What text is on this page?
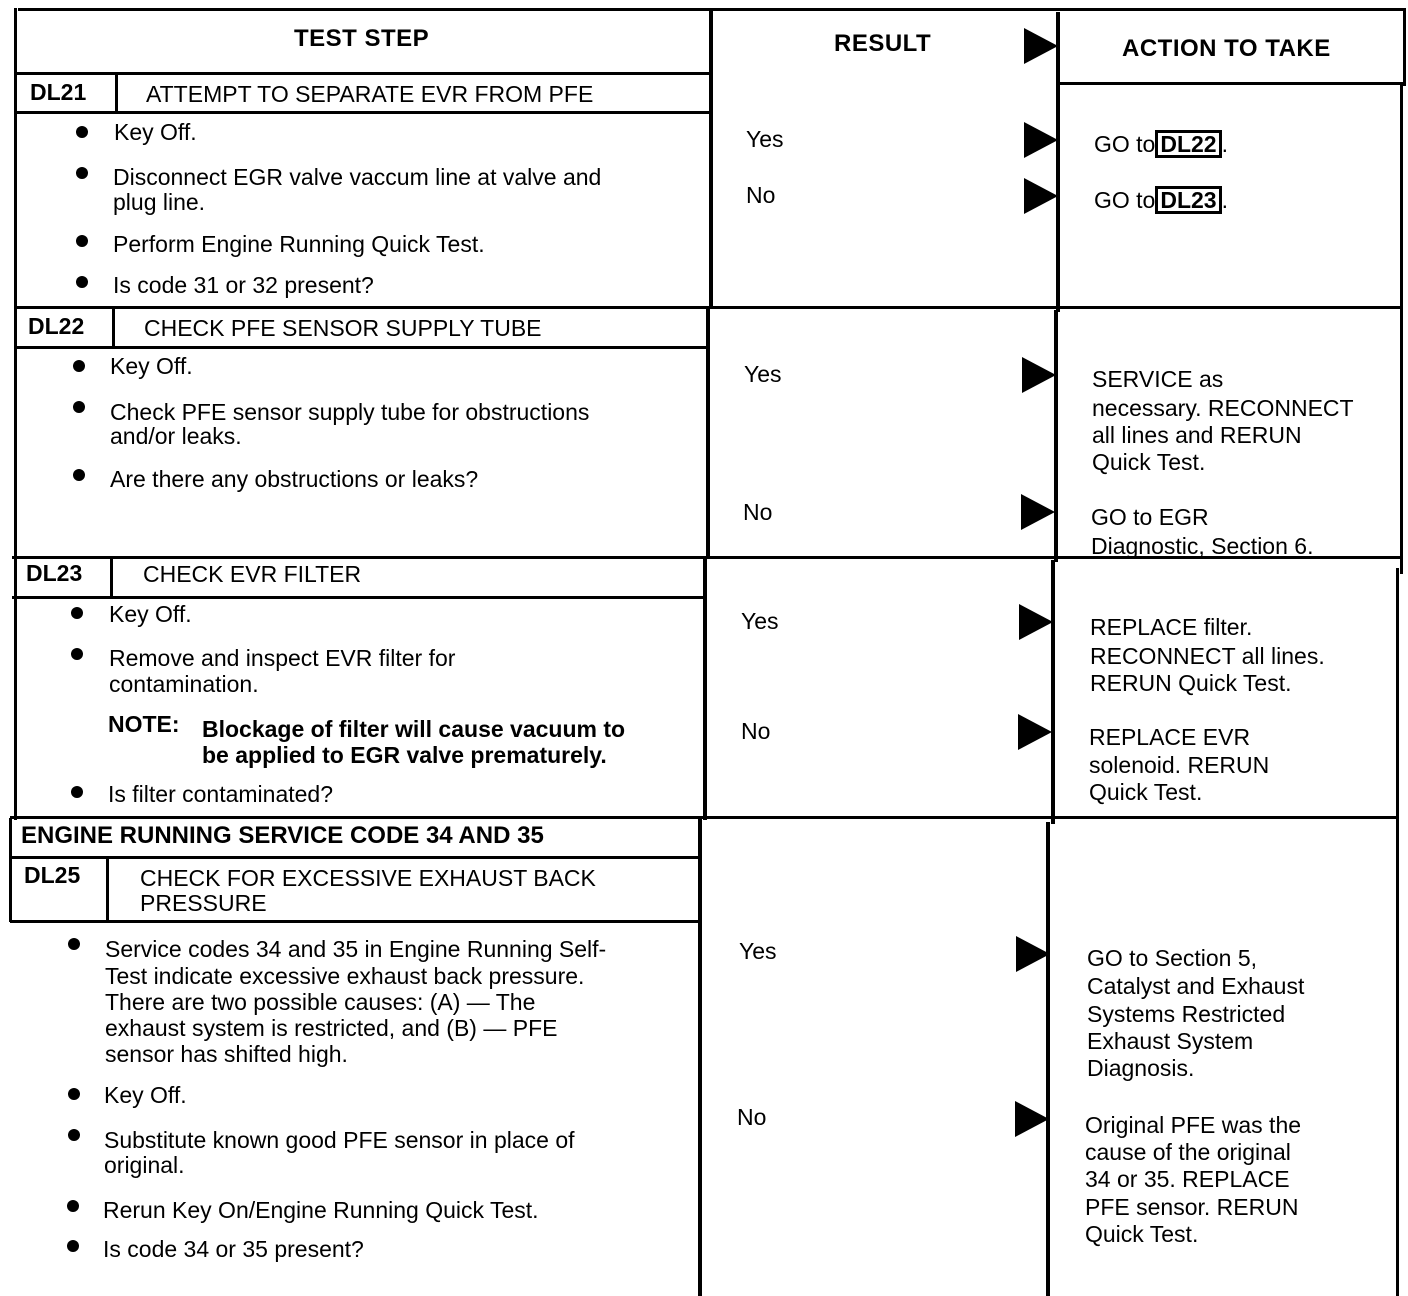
TEST STEP	RESULT	ACTION TO TAKE
DL21	ATTEMPT TO SEPARATE EVR FROM PFE
Key Off.
Disconnect EGR valve vaccum line at valve and
plug line.
Perform Engine Running Quick Test.
Is code 31 or 32 present?
Yes	GO to DL22 .
No	GO to DL23 .
DL22	CHECK PFE SENSOR SUPPLY TUBE
Key Off.
Check PFE sensor supply tube for obstructions
and/or leaks.
Are there any obstructions or leaks?
Yes	SERVICE as
necessary. RECONNECT
all lines and RERUN
Quick Test.
No	GO to EGR
Diagnostic, Section 6.
DL23	CHECK EVR FILTER
Key Off.
Remove and inspect EVR filter for
contamination.
NOTE: Blockage of filter will cause vacuum to
be applied to EGR valve prematurely.
Is filter contaminated?
Yes	REPLACE filter.
RECONNECT all lines.
RERUN Quick Test.
No	REPLACE EVR
solenoid. RERUN
Quick Test.
ENGINE RUNNING SERVICE CODE 34 AND 35
DL25	CHECK FOR EXCESSIVE EXHAUST BACK
PRESSURE
Service codes 34 and 35 in Engine Running Self-
Test indicate excessive exhaust back pressure.
There are two possible causes: (A) — The
exhaust system is restricted, and (B) — PFE
sensor has shifted high.
Key Off.
Substitute known good PFE sensor in place of
original.
Rerun Key On/Engine Running Quick Test.
Is code 34 or 35 present?
Yes	GO to Section 5,
Catalyst and Exhaust
Systems Restricted
Exhaust System
Diagnosis.
No	Original PFE was the
cause of the original
34 or 35. REPLACE
PFE sensor. RERUN
Quick Test.
